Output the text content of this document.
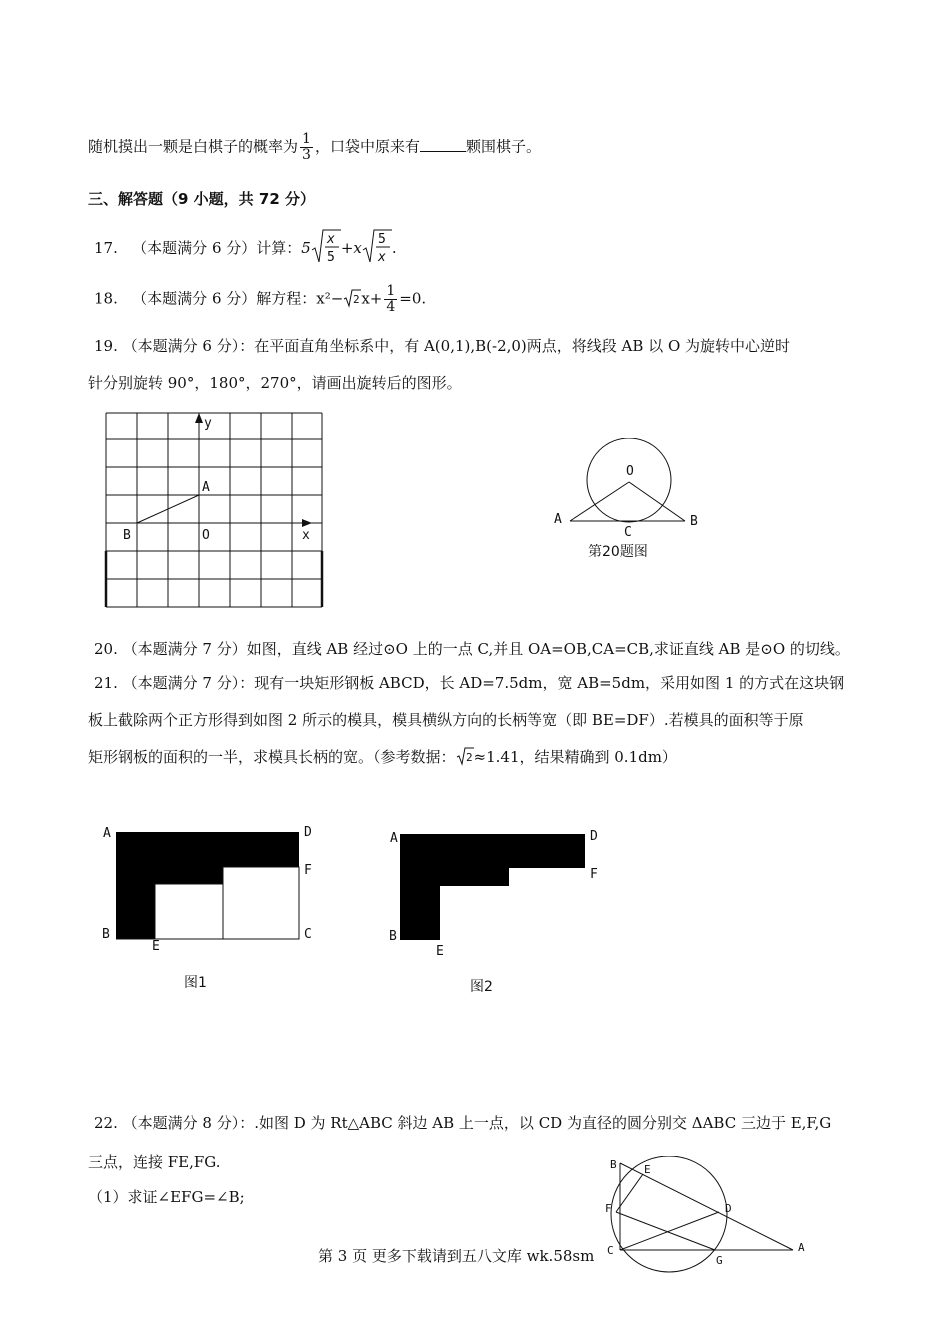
随机摸出一颗是白棋子的概率为 $\frac{1}{3}$ ，口袋中原来有	颗围棋子。
三、解答题（9 小题，共 72 分）
17. （本题满分 6 分）计算：5 x
5
+x 5
x
.
18. （本题满分 6 分）解方程：x²− 2 $x+ \frac{1}{4} =0$.
19. （本题满分 6 分）：在平面直角坐标系中，有 A(0,1),B(-2,0)两点，将线段 AB 以 O 为旋转中心逆时
针分别旋转 90°，180°，270°，请画出旋转后的图形。
y
x
A
B	O
O
A	B
C
第20题图
20. （本题满分 7 分）如图，直线 AB 经过⊙O 上的一点 C,并且 OA=OB,CA=CB,求证直线 AB 是⊙O 的切线。
21. （本题满分 7 分）：现有一块矩形钢板 ABCD，长 AD=7.5dm，宽 AB=5dm，采用如图 1 的方式在这块钢
板上截除两个正方形得到如图 2 所示的模具，模具横纵方向的长柄等宽（即 BE=DF）.若模具的面积等于原
矩形钢板的面积的一半，求模具长柄的宽。（参考数据： 2 ≈1.41，结果精确到 0.1dm）
A	D
F
B	C
E
图1
A	D
F
B
E
图2
22. （本题满分 8 分）：.如图 D 为 Rt△ABC 斜边 AB 上一点，以 CD 为直径的圆分别交 ΔABC 三边于 E,F,G
三点，连接 FE,FG.
（1）求证∠EFG=∠B;
B E
F	D
C
G
A
第 3 页 更多下载请到五八文库 wk.58sm
